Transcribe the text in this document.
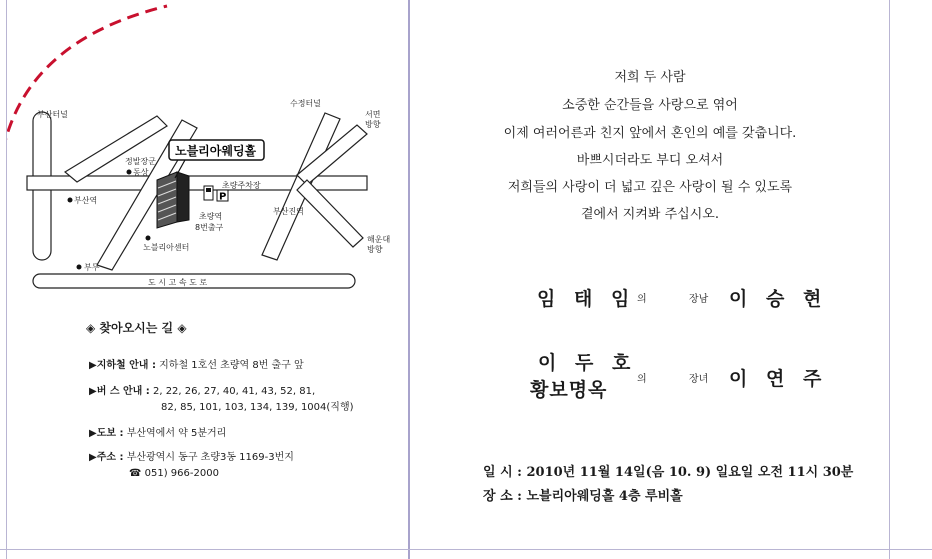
P
노블리아웨딩홀
부산터널
수정터널
서면
방향
해운대
방향
정발장군
동상
초량주차장
부산역
부산진역
초량역
8번출구
노블리아센터
부두
도 시 고 속 도 로
◈ 찾아오시는 길 ◈
▶지하철 안내 : 지하철 1호선 초량역 8번 출구 앞
▶버 스 안내 : 2, 22, 26, 27, 40, 41, 43, 52, 81,
82, 85, 101, 103, 134, 139, 1004(직행)
▶도보 : 부산역에서 약 5분거리
▶주소 : 부산광역시 동구 초량3동 1169-3번지
☎ 051) 966-2000
저희 두 사람
소중한 순간들을 사랑으로 엮어
이제 여러어른과 친지 앞에서 혼인의 예를 갖춥니다.
바쁘시더라도 부디 오셔서
저희들의 사랑이 더 넓고 깊은 사랑이 될 수 있도록
곁에서 지켜봐 주십시오.
임 태 임 의	장남 이 승 현
이 두 호
황보명옥	의	장녀 이 연 주
일 시 : 2010년 11월 14일(음 10. 9) 일요일 오전 11시 30분
장 소 : 노블리아웨딩홀 4층 루비홀
